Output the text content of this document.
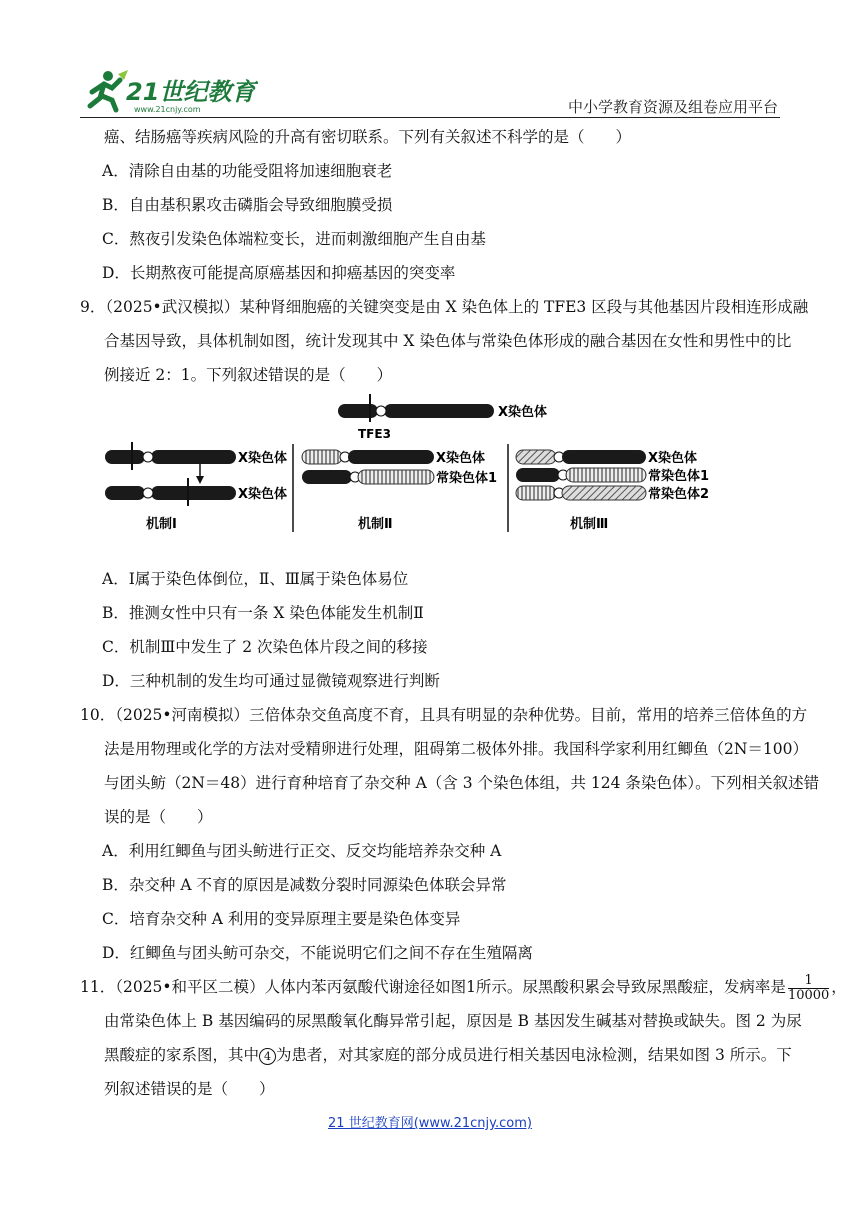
21世纪教育
www.21cnjy.com	中小学教育资源及组卷应用平台
癌、结肠癌等疾病风险的升高有密切联系。下列有关叙述不科学的是（　　）
A．清除自由基的功能受阻将加速细胞衰老
B．自由基积累攻击磷脂会导致细胞膜受损
C．熬夜引发染色体端粒变长，进而刺激细胞产生自由基
D．长期熬夜可能提高原癌基因和抑癌基因的突变率
9．（2025•武汉模拟）某种肾细胞癌的关键突变是由 X 染色体上的 TFE3 区段与其他基因片段相连形成融
合基因导致，具体机制如图，统计发现其中 X 染色体与常染色体形成的融合基因在女性和男性中的比
例接近 2：1。下列叙述错误的是（　　）
X染色体
TFE3
X染色体
X染色体
机制Ⅰ
X染色体
常染色体1
机制Ⅱ
X染色体
常染色体1
常染色体2
机制Ⅲ
A．Ⅰ属于染色体倒位，Ⅱ、Ⅲ属于染色体易位
B．推测女性中只有一条 X 染色体能发生机制Ⅱ
C．机制Ⅲ中发生了 2 次染色体片段之间的移接
D．三种机制的发生均可通过显微镜观察进行判断
10．（2025•河南模拟）三倍体杂交鱼高度不育，且具有明显的杂种优势。目前，常用的培养三倍体鱼的方
法是用物理或化学的方法对受精卵进行处理，阻碍第二极体外排。我国科学家利用红鲫鱼（2N＝100）
与团头鲂（2N＝48）进行育种培育了杂交种 A（含 3 个染色体组，共 124 条染色体）。下列相关叙述错
误的是（　　）
A．利用红鲫鱼与团头鲂进行正交、反交均能培养杂交种 A
B．杂交种 A 不育的原因是减数分裂时同源染色体联会异常
C．培育杂交种 A 利用的变异原理主要是染色体变异
D．红鲫鱼与团头鲂可杂交，不能说明它们之间不存在生殖隔离
11．（2025•和平区二模）人体内苯丙氨酸代谢途径如图1所示。尿黑酸积累会导致尿黑酸症，发病率是 $\frac{1}{10000}$ ，
由常染色体上 B 基因编码的尿黑酸氧化酶异常引起，原因是 B 基因发生碱基对替换或缺失。图 2 为尿
黑酸症的家系图，其中 4 为患者，对其家庭的部分成员进行相关基因电泳检测，结果如图 3 所示。下
列叙述错误的是（　　）
21 世纪教育网(www.21cnjy.com)
